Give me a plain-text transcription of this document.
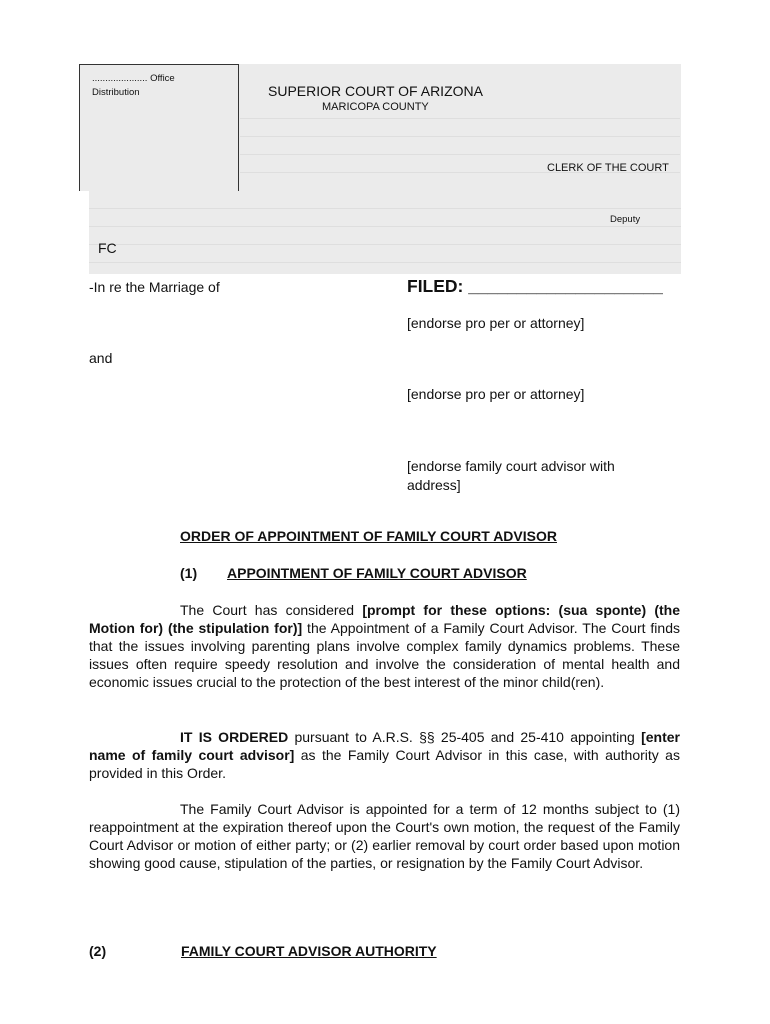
..................... Office
Distribution	SUPERIOR COURT OF ARIZONA
MARICOPA COUNTY
CLERK OF THE COURT
Deputy
FC
-In re the Marriage of
and
FILED: ____________________
[endorse pro per or attorney]
[endorse pro per or attorney]
[endorse family court advisor with address]
ORDER OF APPOINTMENT OF FAMILY COURT ADVISOR
(1) APPOINTMENT OF FAMILY COURT ADVISOR
The Court has considered [prompt for these options: (sua sponte) (the Motion for) (the stipulation for)] the Appointment of a Family Court Advisor. The Court finds that the issues involving parenting plans involve complex family dynamics problems. These issues often require speedy resolution and involve the consideration of mental health and economic issues crucial to the protection of the best interest of the minor child(ren).
IT IS ORDERED pursuant to A.R.S. §§ 25-405 and 25-410 appointing [enter name of family court advisor] as the Family Court Advisor in this case, with authority as provided in this Order.
The Family Court Advisor is appointed for a term of 12 months subject to (1) reappointment at the expiration thereof upon the Court's own motion, the request of the Family Court Advisor or motion of either party; or (2) earlier removal by court order based upon motion showing good cause, stipulation of the parties, or resignation by the Family Court Advisor.
(2)	FAMILY COURT ADVISOR AUTHORITY
